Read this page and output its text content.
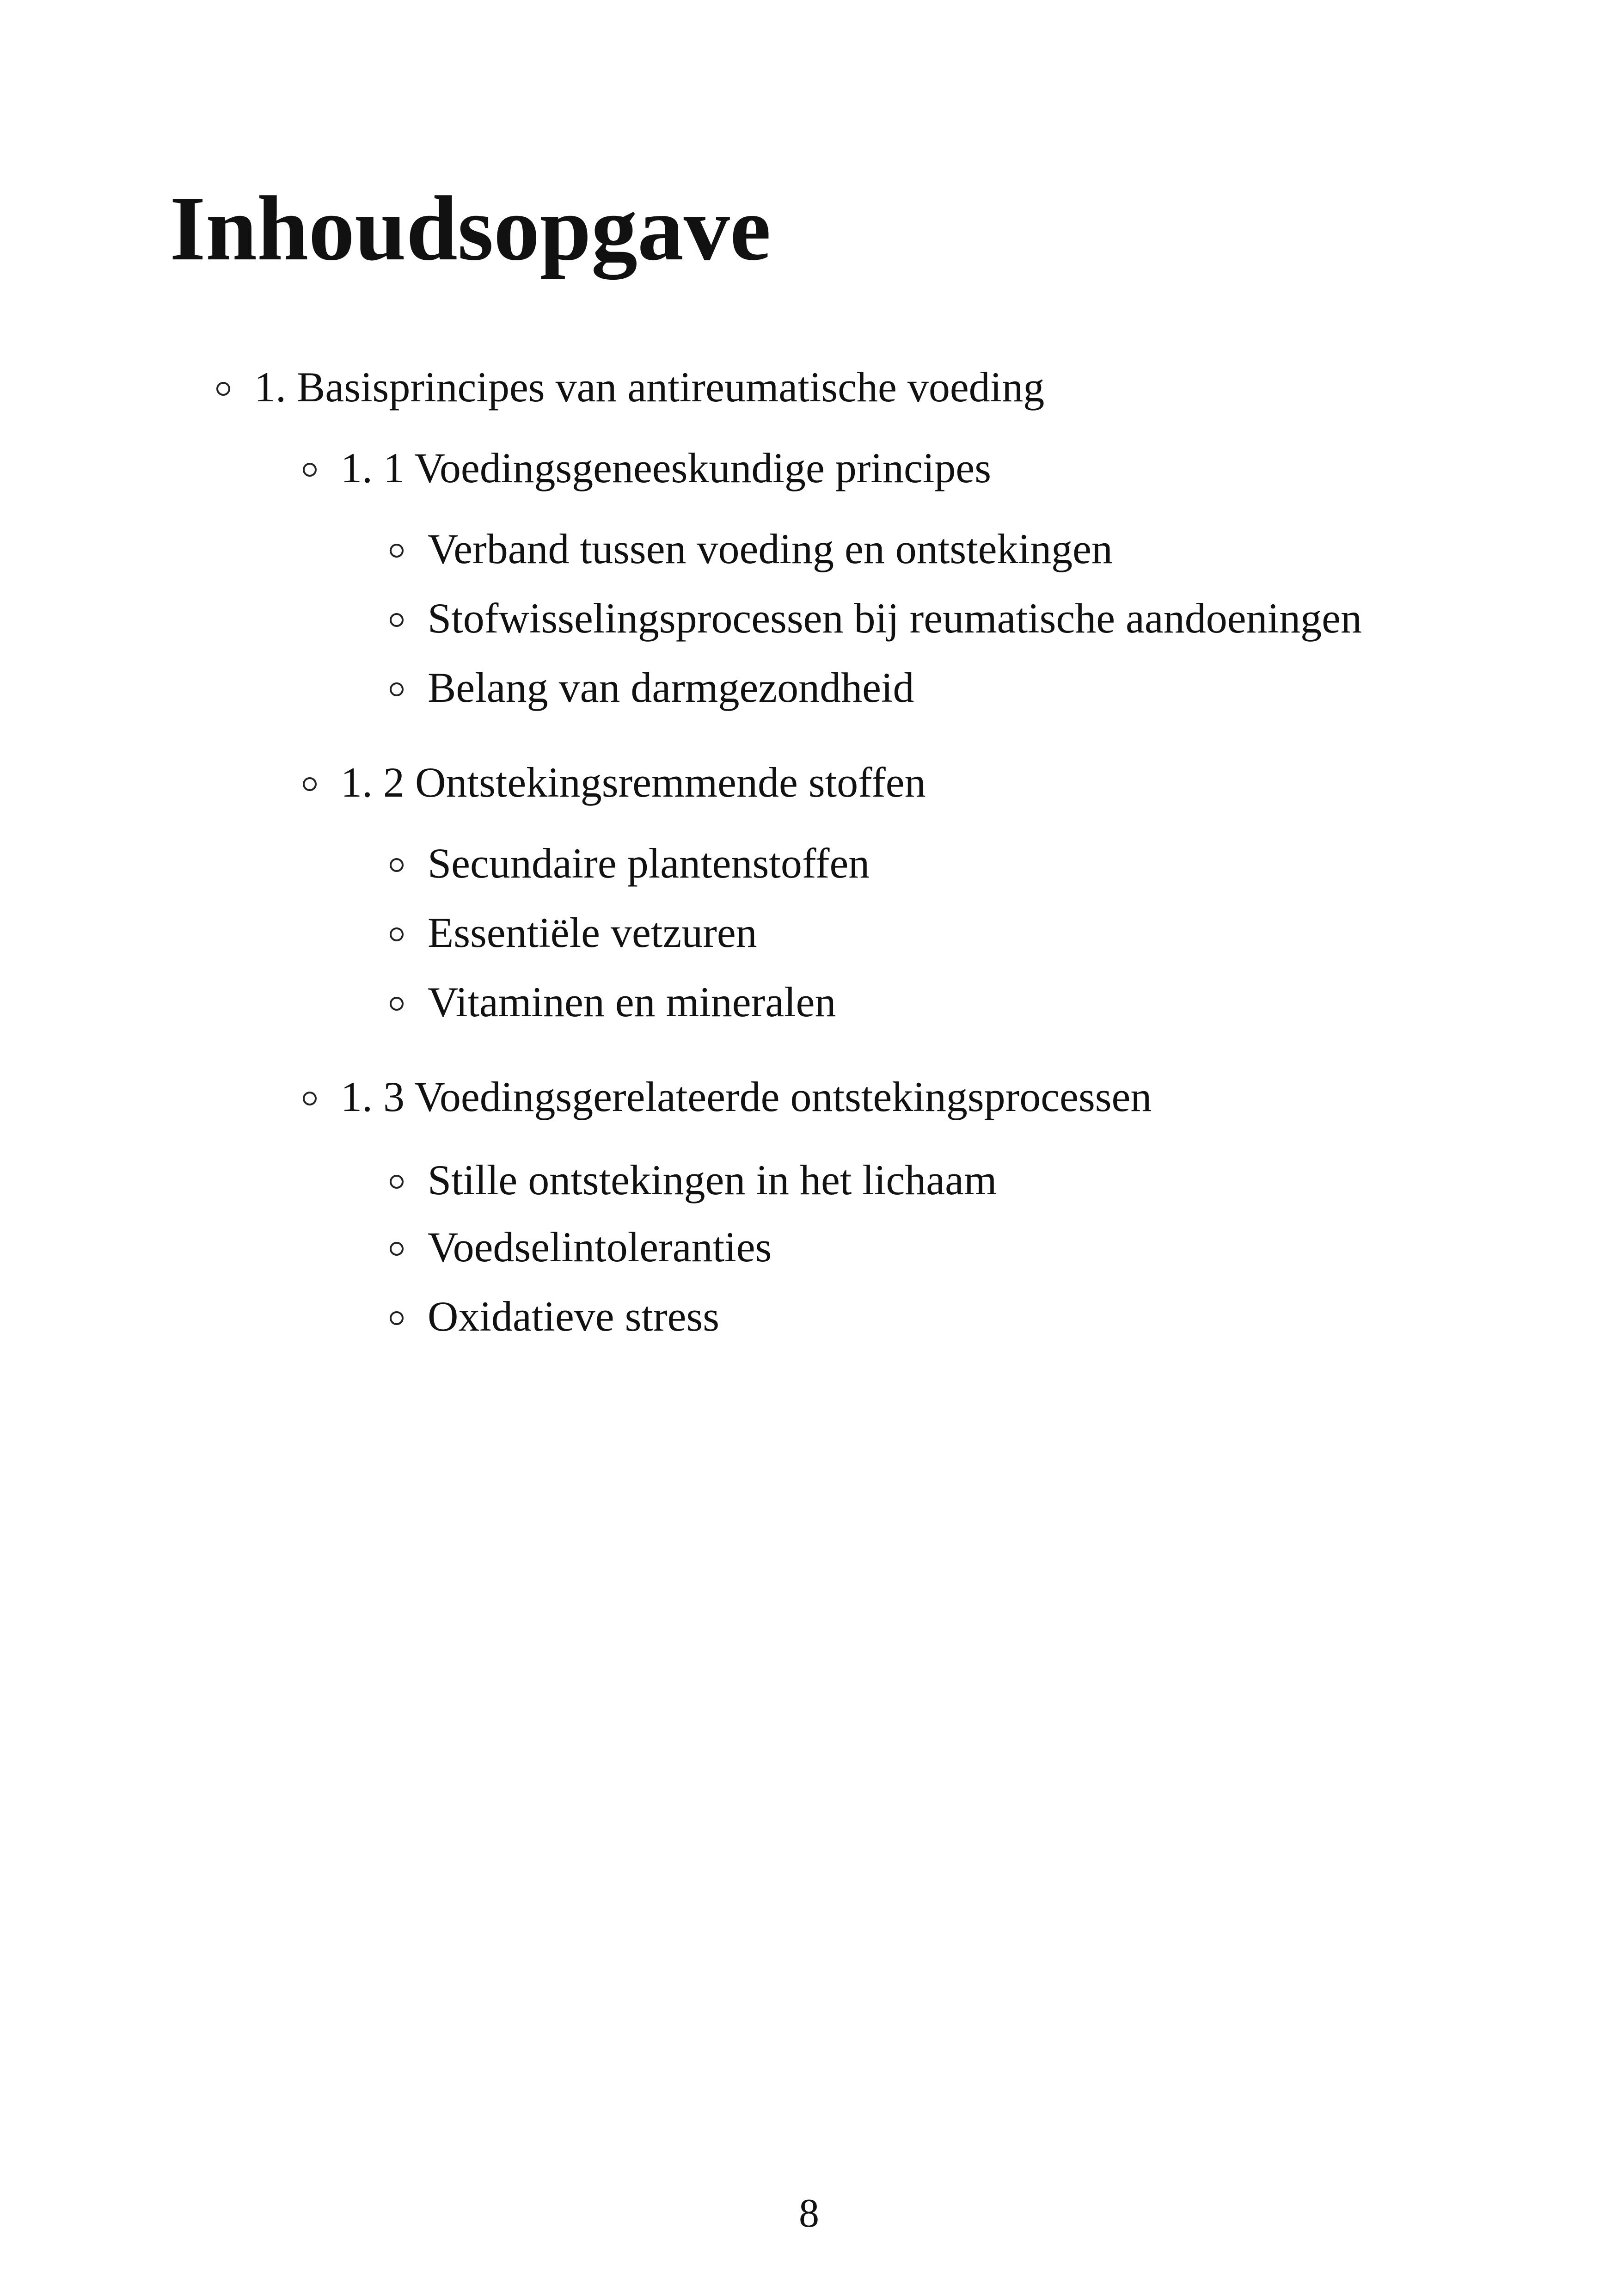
Inhoudsopgave
1. Basisprincipes van antireumatische voeding
1. 1 Voedingsgeneeskundige principes
Verband tussen voeding en ontstekingen
Stofwisselingsprocessen bij reumatische aandoeningen
Belang van darmgezondheid
1. 2 Ontstekingsremmende stoffen
Secundaire plantenstoffen
Essentiële vetzuren
Vitaminen en mineralen
1. 3 Voedingsgerelateerde ontstekingsprocessen
Stille ontstekingen in het lichaam
Voedselintoleranties
Oxidatieve stress
8
